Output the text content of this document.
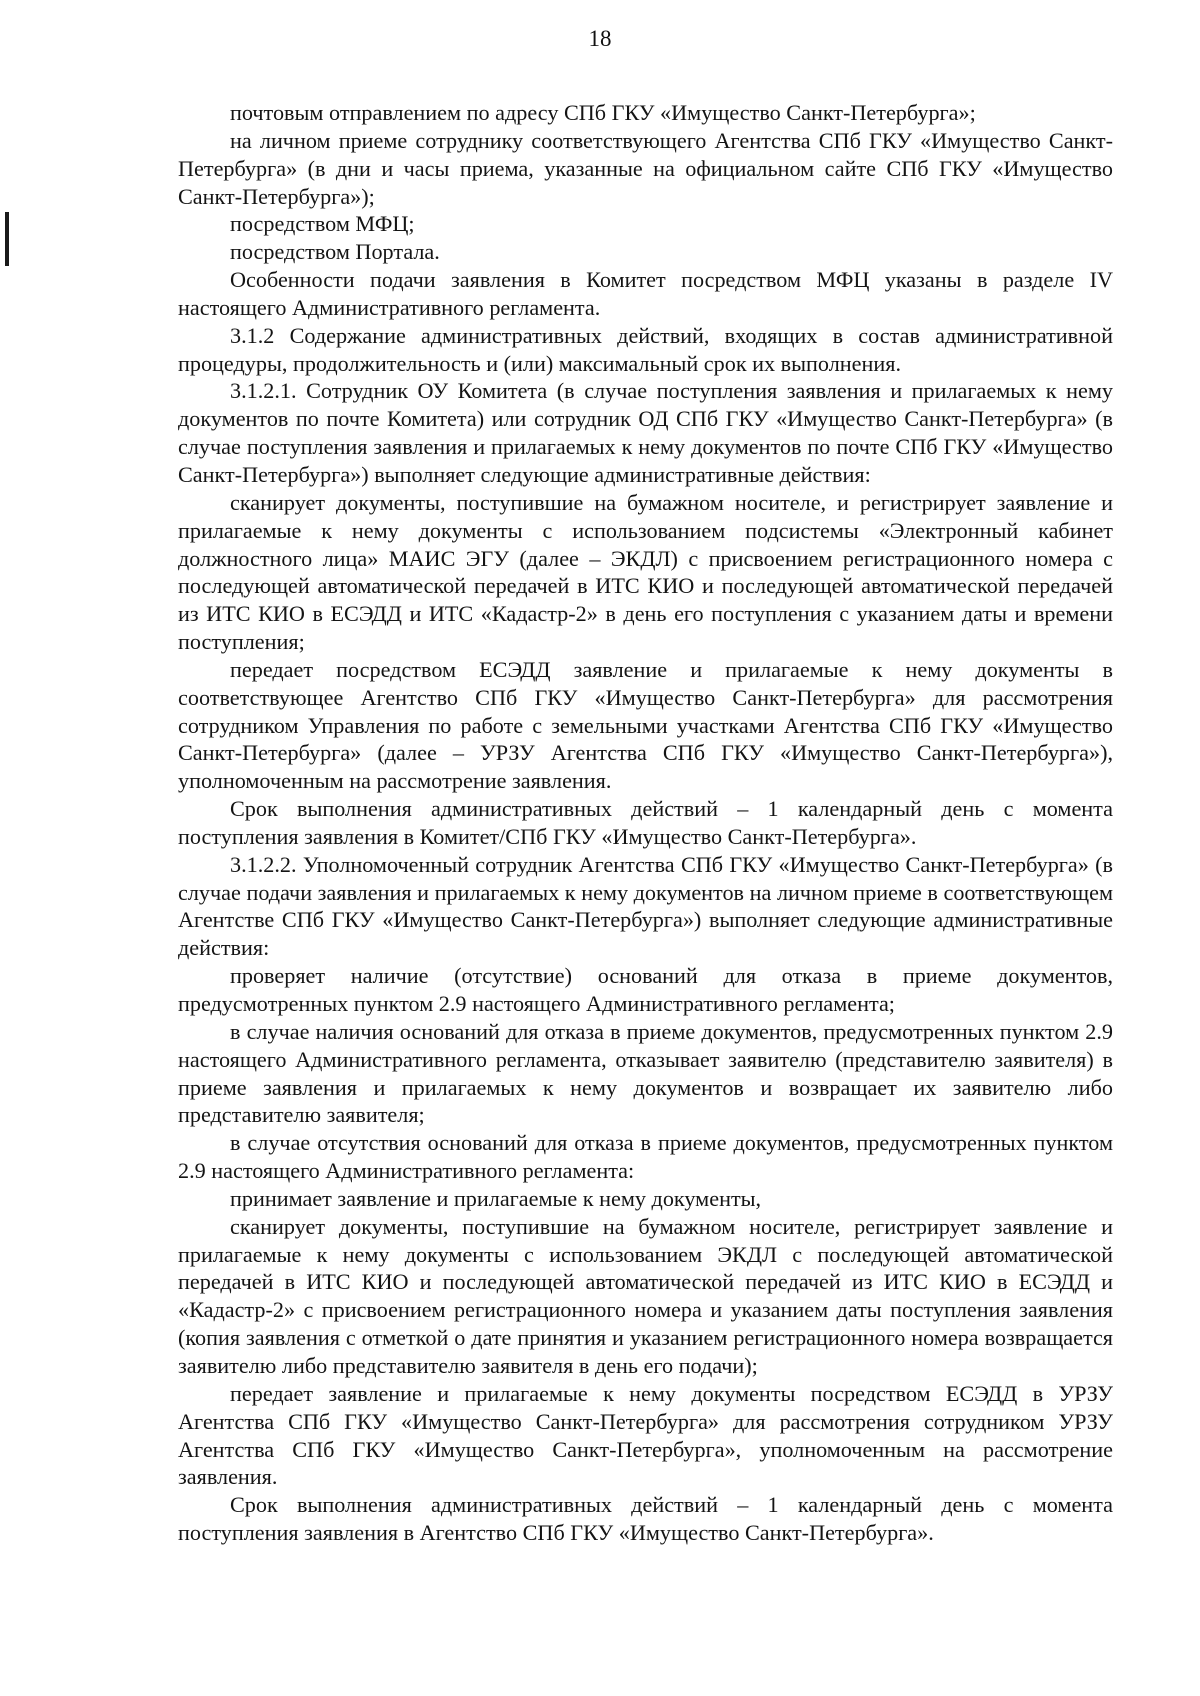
18

почтовым отправлением по адресу СПб ГКУ «Имущество Санкт-Петербурга»;

на личном приеме сотруднику соответствующего Агентства СПб ГКУ «Имущество Санкт-Петербурга» (в дни и часы приема, указанные на официальном сайте СПб ГКУ «Имущество Санкт-Петербурга»);

посредством МФЦ;

посредством Портала.

Особенности подачи заявления в Комитет посредством МФЦ указаны в разделе IV настоящего Административного регламента.

3.1.2 Содержание административных действий, входящих в состав административной процедуры, продолжительность и (или) максимальный срок их выполнения.

3.1.2.1. Сотрудник ОУ Комитета (в случае поступления заявления и прилагаемых к нему документов по почте Комитета) или сотрудник ОД СПб ГКУ «Имущество Санкт-Петербурга» (в случае поступления заявления и прилагаемых к нему документов по почте СПб ГКУ «Имущество Санкт-Петербурга») выполняет следующие административные действия:

сканирует документы, поступившие на бумажном носителе, и регистрирует заявление и прилагаемые к нему документы с использованием подсистемы «Электронный кабинет должностного лица» МАИС ЭГУ (далее – ЭКДЛ) с присвоением регистрационного номера с последующей автоматической передачей в ИТС КИО и последующей автоматической передачей из ИТС КИО в ЕСЭДД и ИТС «Кадастр-2» в день его поступления с указанием даты и времени поступления;

передает посредством ЕСЭДД заявление и прилагаемые к нему документы в соответствующее Агентство СПб ГКУ «Имущество Санкт-Петербурга» для рассмотрения сотрудником Управления по работе с земельными участками Агентства СПб ГКУ «Имущество Санкт-Петербурга» (далее – УРЗУ Агентства СПб ГКУ «Имущество Санкт-Петербурга»), уполномоченным на рассмотрение заявления.

Срок выполнения административных действий – 1 календарный день с момента поступления заявления в Комитет/СПб ГКУ «Имущество Санкт-Петербурга».

3.1.2.2. Уполномоченный сотрудник Агентства СПб ГКУ «Имущество Санкт-Петербурга» (в случае подачи заявления и прилагаемых к нему документов на личном приеме в соответствующем Агентстве СПб ГКУ «Имущество Санкт-Петербурга») выполняет следующие административные действия:

проверяет наличие (отсутствие) оснований для отказа в приеме документов, предусмотренных пунктом 2.9 настоящего Административного регламента;

в случае наличия оснований для отказа в приеме документов, предусмотренных пунктом 2.9 настоящего Административного регламента, отказывает заявителю (представителю заявителя) в приеме заявления и прилагаемых к нему документов и возвращает их заявителю либо представителю заявителя;

в случае отсутствия оснований для отказа в приеме документов, предусмотренных пунктом 2.9 настоящего Административного регламента:

принимает заявление и прилагаемые к нему документы,

сканирует документы, поступившие на бумажном носителе, регистрирует заявление и прилагаемые к нему документы с использованием ЭКДЛ с последующей автоматической передачей в ИТС КИО и последующей автоматической передачей из ИТС КИО в ЕСЭДД и «Кадастр-2» с присвоением регистрационного номера и указанием даты поступления заявления (копия заявления с отметкой о дате принятия и указанием регистрационного номера возвращается заявителю либо представителю заявителя в день его подачи);

передает заявление и прилагаемые к нему документы посредством ЕСЭДД в УРЗУ Агентства СПб ГКУ «Имущество Санкт-Петербурга» для рассмотрения сотрудником УРЗУ Агентства СПб ГКУ «Имущество Санкт-Петербурга», уполномоченным на рассмотрение заявления.

Срок выполнения административных действий – 1 календарный день с момента поступления заявления в Агентство СПб ГКУ «Имущество Санкт-Петербурга».
